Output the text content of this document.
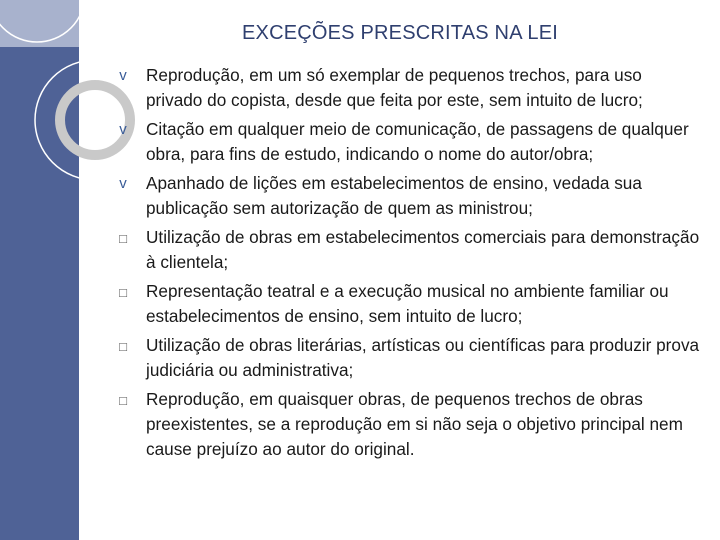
EXCEÇÕES PRESCRITAS NA LEI
v	Reprodução, em um só exemplar de pequenos trechos, para uso privado do copista, desde que feita por este, sem intuito de lucro;
v	Citação em qualquer meio de comunicação, de passagens de qualquer obra, para fins de estudo, indicando o nome do autor/obra;
v	Apanhado de lições em estabelecimentos de ensino, vedada sua publicação sem autorização de quem as ministrou;
□	Utilização de obras em estabelecimentos comerciais para demonstração à clientela;
□	Representação teatral e a execução musical no ambiente familiar ou estabelecimentos de ensino, sem intuito de lucro;
□	Utilização de obras literárias, artísticas ou científicas para produzir prova judiciária ou administrativa;
□	Reprodução, em quaisquer obras, de pequenos trechos de obras preexistentes, se a reprodução em si não seja o objetivo principal nem cause prejuízo ao autor do original.
